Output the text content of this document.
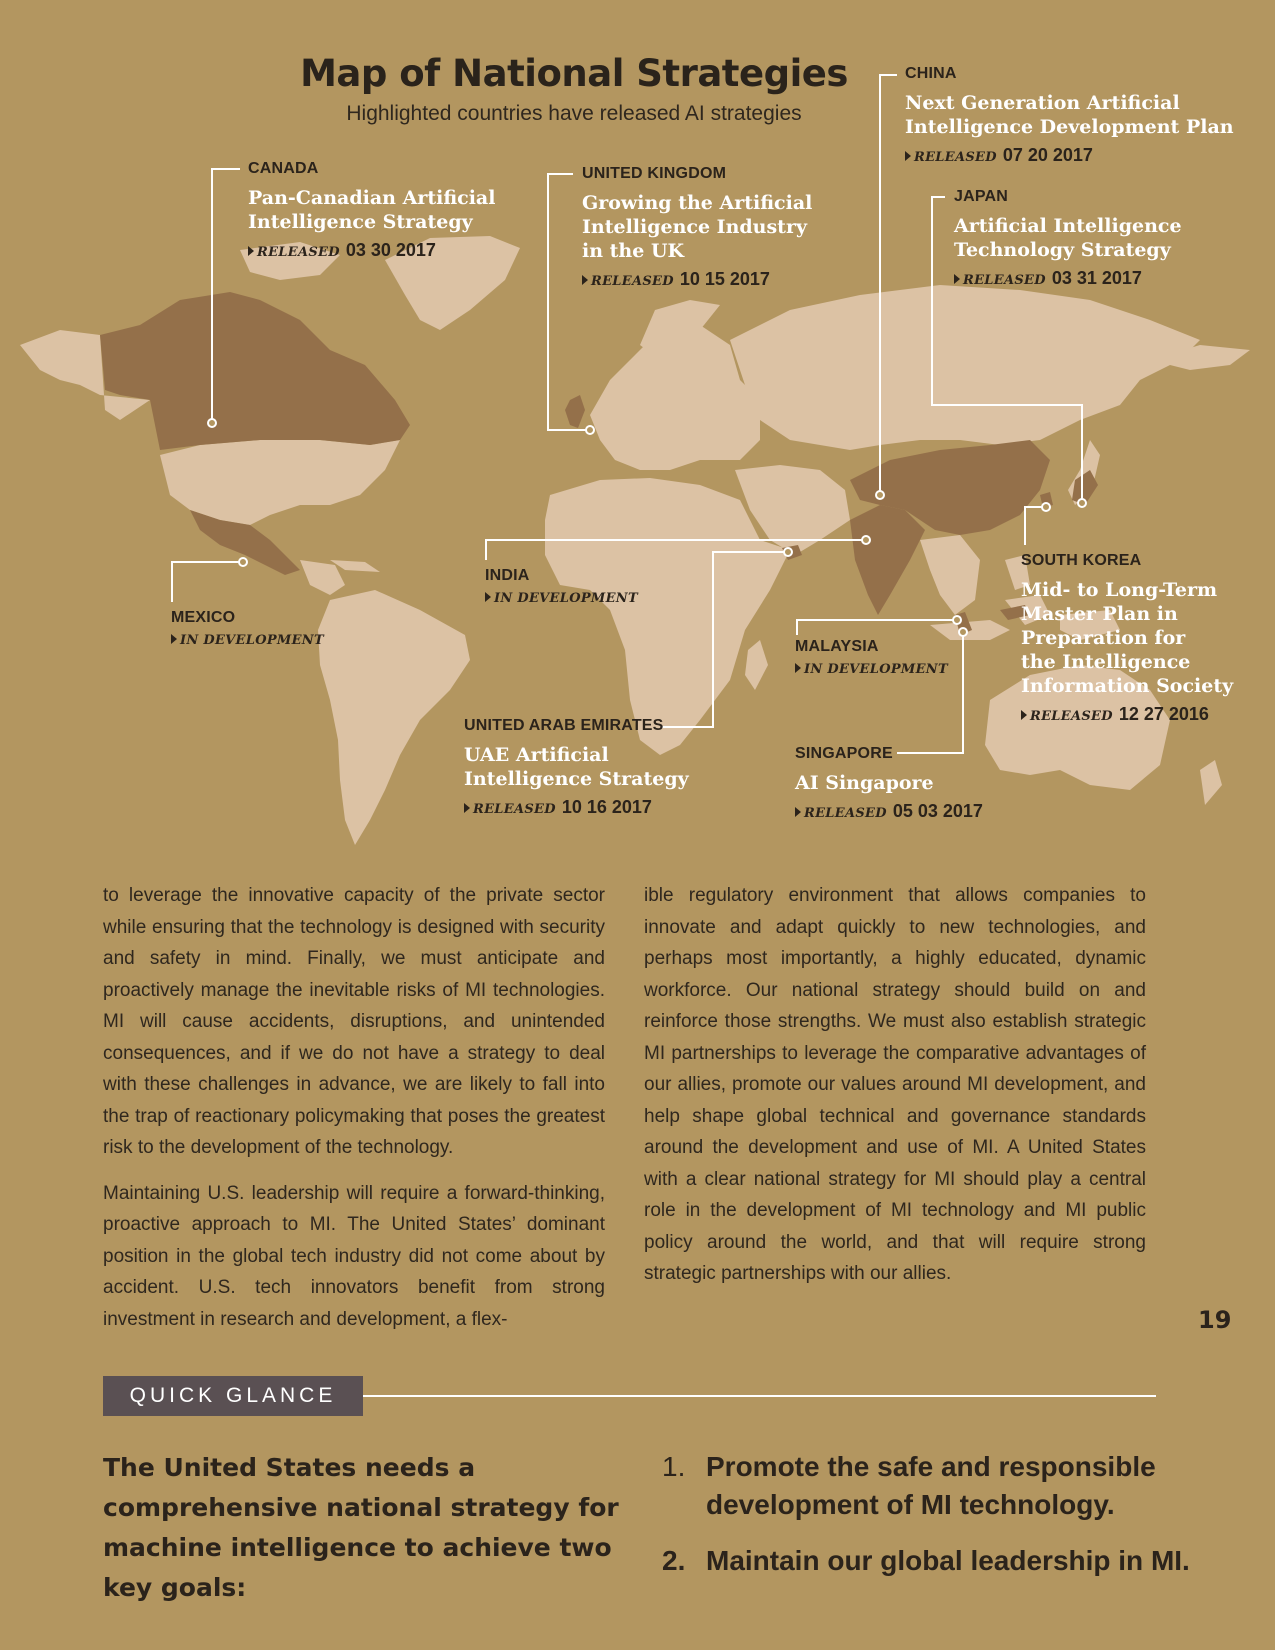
Map of National Strategies
Highlighted countries have released AI strategies
CANADA
Pan-Canadian Artificial
Intelligence Strategy
RELEASED 03 30 2017
UNITED KINGDOM
Growing the Artificial
Intelligence Industry
in the UK
RELEASED 10 15 2017
CHINA
Next Generation Artificial
Intelligence Development Plan
RELEASED 07 20 2017
JAPAN
Artificial Intelligence
Technology Strategy
RELEASED 03 31 2017
SOUTH KOREA
Mid- to Long-Term
Master Plan in
Preparation for
the Intelligence
Information Society
RELEASED 12 27 2016
UNITED ARAB EMIRATES
UAE Artificial
Intelligence Strategy
RELEASED 10 16 2017
SINGAPORE
AI Singapore
RELEASED 05 03 2017
MEXICO
IN DEVELOPMENT
INDIA
IN DEVELOPMENT
MALAYSIA
IN DEVELOPMENT

to leverage the innovative capacity of the private sector while ensuring that the technology is designed with security and safety in mind. Finally, we must anticipate and proactively manage the inevitable risks of MI technologies. MI will cause accidents, disruptions, and unintended consequences, and if we do not have a strategy to deal with these challenges in advance, we are likely to fall into the trap of reactionary policymaking that poses the greatest risk to the development of the technology.

Maintaining U.S. leadership will require a forward-thinking, proactive approach to MI. The United States’ dominant position in the global tech industry did not come about by accident. U.S. tech innovators benefit from strong investment in research and development, a flex-

ible regulatory environment that allows companies to innovate and adapt quickly to new technologies, and perhaps most importantly, a highly educated, dynamic workforce. Our national strategy should build on and reinforce those strengths. We must also establish strategic MI partnerships to leverage the comparative advantages of our allies, promote our values around MI development, and help shape global technical and governance standards around the development and use of MI. A United States with a clear national strategy for MI should play a central role in the development of MI technology and MI public policy around the world, and that will require strong strategic partnerships with our allies.

19
QUICK GLANCE
The United States needs a comprehensive national strategy for machine intelligence to achieve two key goals:
1. Promote the safe and responsible development of MI technology.
2. Maintain our global leadership in MI.
